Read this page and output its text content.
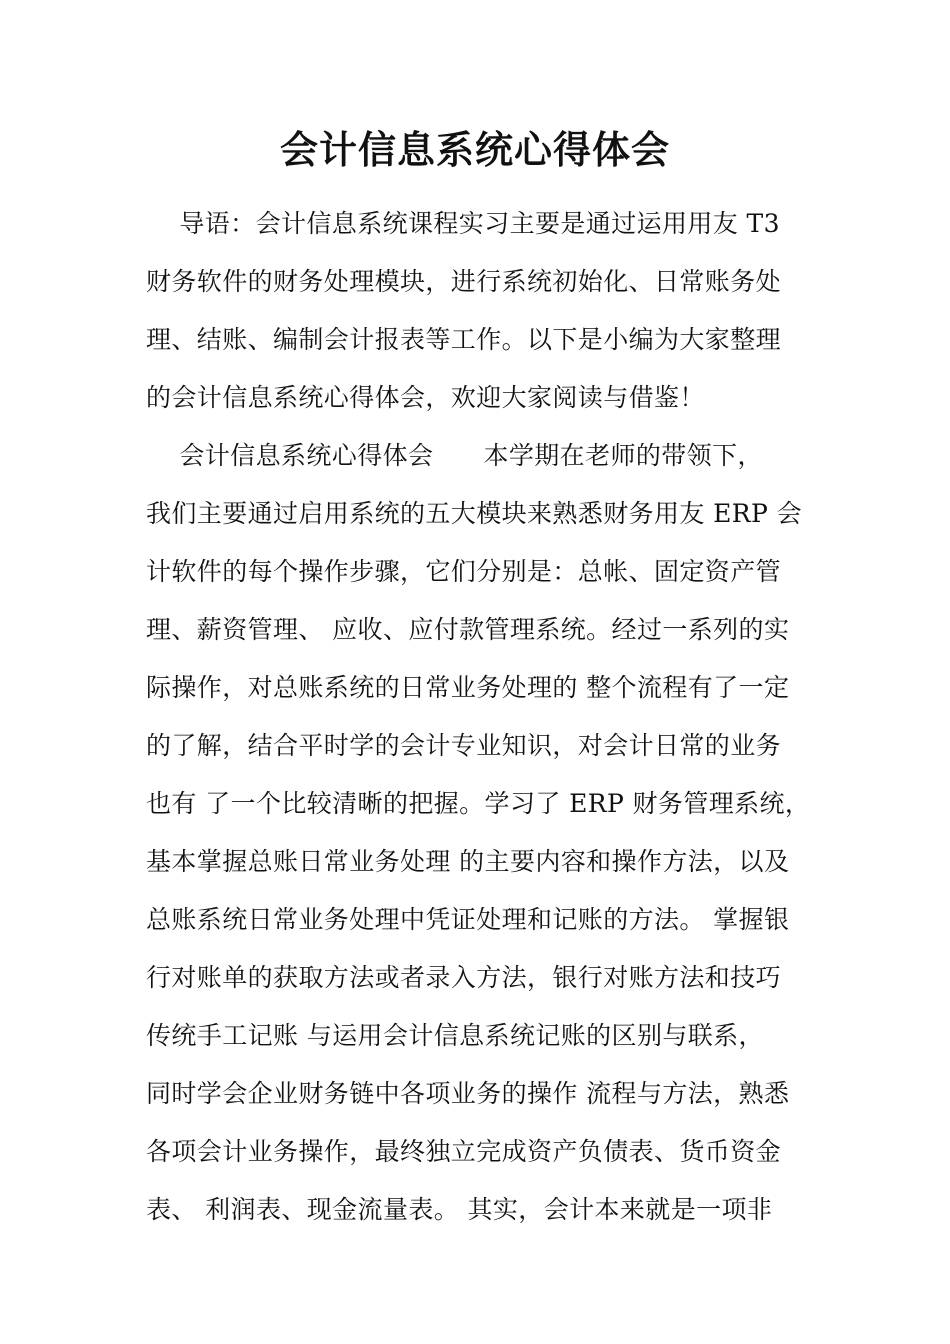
会计信息系统心得体会
导语：会计信息系统课程实习主要是通过运用用友 T3
财务软件的财务处理模块，进行系统初始化、日常账务处
理、结账、编制会计报表等工作。以下是小编为大家整理
的会计信息系统心得体会，欢迎大家阅读与借鉴！
会计信息系统心得体会      本学期在老师的带领下，
我们主要通过启用系统的五大模块来熟悉财务用友 ERP 会
计软件的每个操作步骤，它们分别是：总帐、固定资产管
理、薪资管理、 应收、应付款管理系统。经过一系列的实
际操作，对总账系统的日常业务处理的 整个流程有了一定
的了解，结合平时学的会计专业知识，对会计日常的业务
也有 了一个比较清晰的把握。学习了 ERP 财务管理系统，
基本掌握总账日常业务处理 的主要内容和操作方法，以及
总账系统日常业务处理中凭证处理和记账的方法。 掌握银
行对账单的获取方法或者录入方法，银行对账方法和技巧
传统手工记账 与运用会计信息系统记账的区别与联系，
同时学会企业财务链中各项业务的操作 流程与方法，熟悉
各项会计业务操作，最终独立完成资产负债表、货币资金
表、 利润表、现金流量表。 其实，会计本来就是一项非
